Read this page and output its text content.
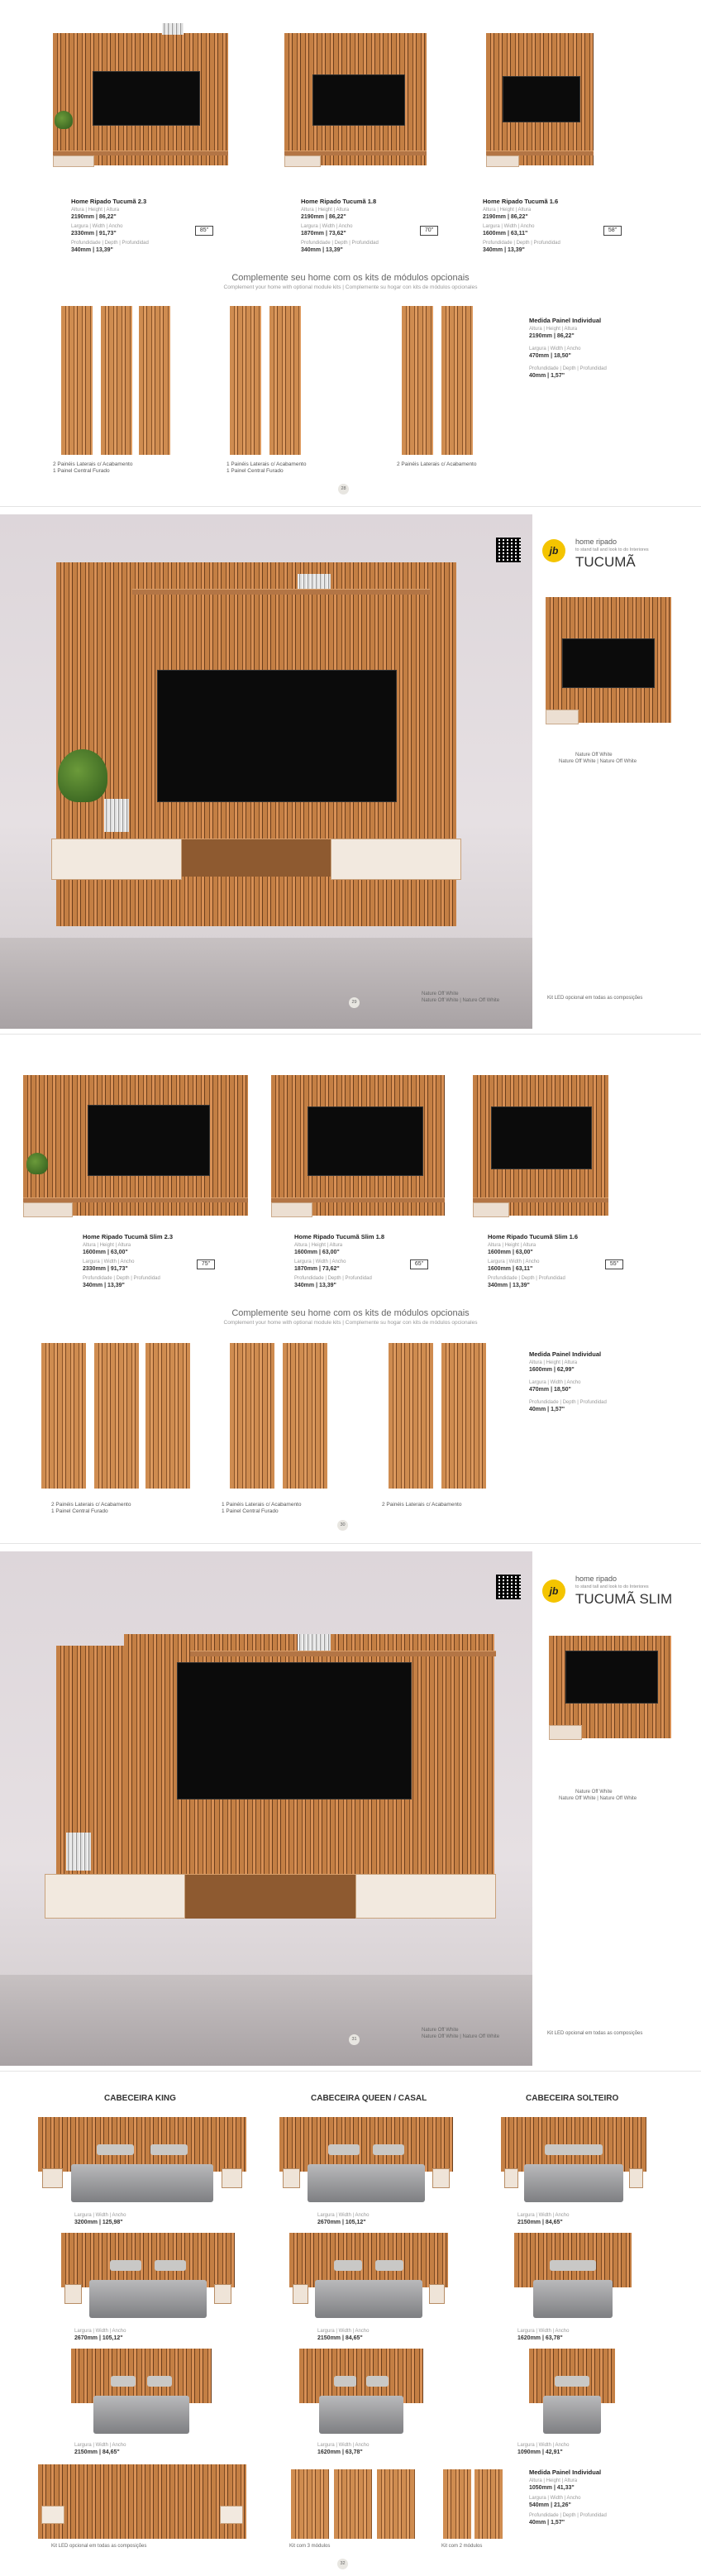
Home Ripado Tucumã 2.3
Altura | Height | Altura
2190mm | 86,22"
Largura | Width | Ancho
2330mm | 91,73"
Profundidade | Depth | Profundidad
340mm | 13,39"
85"
Home Ripado Tucumã 1.8
Altura | Height | Altura
2190mm | 86,22"
Largura | Width | Ancho
1870mm | 73,62"
Profundidade | Depth | Profundidad
340mm | 13,39"
70"
Home Ripado Tucumã 1.6
Altura | Height | Altura
2190mm | 86,22"
Largura | Width | Ancho
1600mm | 63,11"
Profundidade | Depth | Profundidad
340mm | 13,39"
58"
Complemente seu home com os kits de módulos opcionais
Complement your home with optional module kits | Complemente su hogar con kits de módulos opcionales
2 Painéis Laterais c/ Acabamento
1 Painel Central Furado
1 Painéis Laterais c/ Acabamento
1 Painel Central Furado
2 Painéis Laterais c/ Acabamento
Medida Painel Individual
Altura | Height | Altura
2190mm | 86,22"
Largura | Width | Ancho
470mm | 18,50"
Profundidade | Depth | Profundidad
40mm | 1,57"
28
Nature Off White
Nature Off White | Nature Off White
29
jb
home ripado
to stand tall and look to do Interiores
TUCUMÃ
Nature Off White
Nature Off White | Nature Off White
Kit LED opcional em todas as composições
Home Ripado Tucumã Slim 2.3
Altura | Height | Altura
1600mm | 63,00"
Largura | Width | Ancho
2330mm | 91,73"
Profundidade | Depth | Profundidad
340mm | 13,39"
75"
Home Ripado Tucumã Slim 1.8
Altura | Height | Altura
1600mm | 63,00"
Largura | Width | Ancho
1870mm | 73,62"
Profundidade | Depth | Profundidad
340mm | 13,39"
65"
Home Ripado Tucumã Slim 1.6
Altura | Height | Altura
1600mm | 63,00"
Largura | Width | Ancho
1600mm | 63,11"
Profundidade | Depth | Profundidad
340mm | 13,39"
55"
Complemente seu home com os kits de módulos opcionais
Complement your home with optional module kits | Complemente su hogar con kits de módulos opcionales
2 Painéis Laterais c/ Acabamento
1 Painel Central Furado
1 Painéis Laterais c/ Acabamento
1 Painel Central Furado
2 Painéis Laterais c/ Acabamento
Medida Painel Individual
Altura | Height | Altura
1600mm | 62,99"
Largura | Width | Ancho
470mm | 18,50"
Profundidade | Depth | Profundidad
40mm | 1,57"
30
Nature Off White
Nature Off White | Nature Off White
31
jb
home ripado
to stand tall and look to do Interiores
TUCUMÃ SLIM
Nature Off White
Nature Off White | Nature Off White
Kit LED opcional em todas as composições
CABECEIRA KING	CABECEIRA QUEEN / CASAL	CABECEIRA SOLTEIRO
Largura | Width | Ancho
3200mm | 125,98"
Largura | Width | Ancho
2670mm | 105,12"
Largura | Width | Ancho
2150mm | 84,65"
Largura | Width | Ancho
2670mm | 105,12"
Largura | Width | Ancho
2150mm | 84,65"
Largura | Width | Ancho
1620mm | 63,78"
Largura | Width | Ancho
2150mm | 84,65"
Largura | Width | Ancho
1620mm | 63,78"
Largura | Width | Ancho
1090mm | 42,91"
Kit LED opcional em todas as composições	Kit com 3 módulos	Kit com 2 módulos
Medida Painel Individual
Altura | Height | Altura
1050mm | 41,33"
Largura | Width | Ancho
540mm | 21,26"
Profundidade | Depth | Profundidad
40mm | 1,57"
32
